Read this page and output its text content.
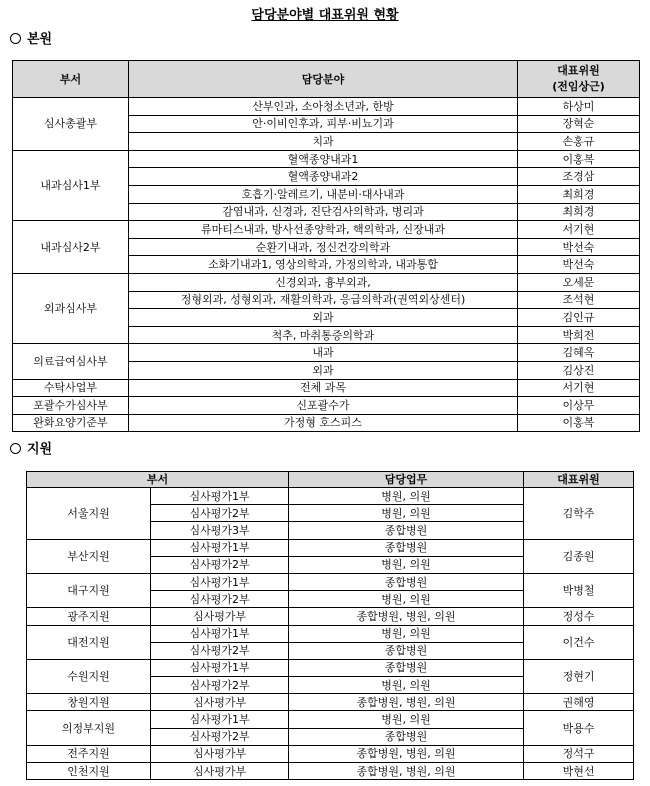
담당분야별 대표위원 현황
본원
부서	담당분야	대표위원
(전임상근)

심사총괄부	산부인과, 소아청소년과, 한방	하상미
	안·이비인후과, 피부·비뇨기과	장혁순
	치과	손홍규
내과심사1부	혈액종양내과1	이홍복
	혈액종양내과2	조경삼
	호흡기·알레르기, 내분비·대사내과	최희경
	감염내과, 신경과, 진단검사의학과, 병리과	최희경
내과심사2부	류마티스내과, 방사선종양학과, 핵의학과, 신장내과	서기현
	순환기내과, 정신건강의학과	박선숙
	소화기내과1, 영상의학과, 가정의학과, 내과통합	박선숙
외과심사부	신경외과, 흉부외과,	오세문
	정형외과, 성형외과, 재활의학과, 응급의학과(권역외상센터)	조석현
	외과	김인규
	척추, 마취통증의학과	박희전
의료급여심사부	내과	김혜옥
	외과	김상진
수탁사업부	전체 과목	서기현
포괄수가심사부	신포괄수가	이상무
완화요양기준부	가정형 호스피스	이홍복
지원
부서		담당업무	대표위원
서울지원	심사평가1부	병원, 의원	김학주
	심사평가2부	병원, 의원	
	심사평가3부	종합병원	
부산지원	심사평가1부	종합병원	김종원
	심사평가2부	병원, 의원	
대구지원	심사평가1부	종합병원	박병철
	심사평가2부	병원, 의원	
광주지원	심사평가부	종합병원, 병원, 의원	정성수
대전지원	심사평가1부	병원, 의원	이건수
	심사평가2부	종합병원	
수원지원	심사평가1부	종합병원	정현기
	심사평가2부	병원, 의원	
창원지원	심사평가부	종합병원, 병원, 의원	권해영
의정부지원	심사평가1부	병원, 의원	박용수
	심사평가2부	종합병원	
전주지원	심사평가부	종합병원, 병원, 의원	정석구
인천지원	심사평가부	종합병원, 병원, 의원	박현선
